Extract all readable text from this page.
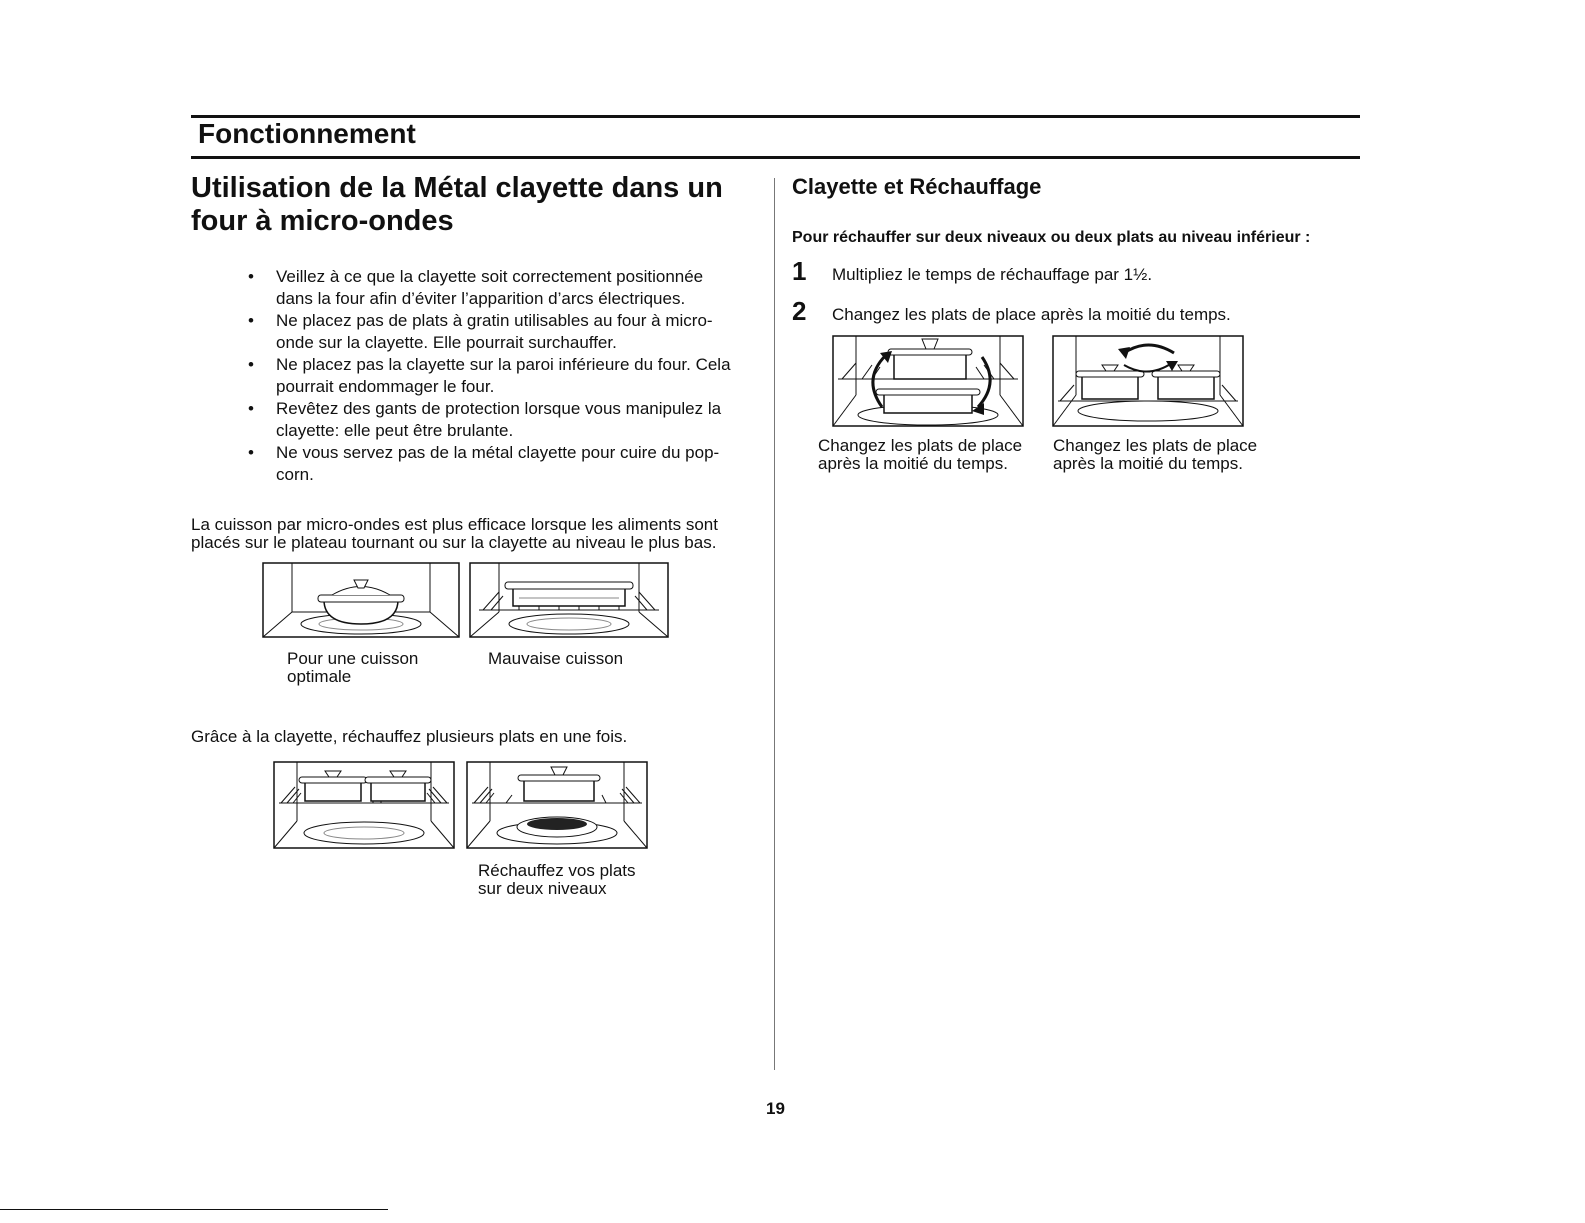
Fonctionnement
Utilisation de la Métal clayette dans un
four à micro-ondes
• Veillez à ce que la clayette soit correctement positionnée
dans la four afin d’éviter l’apparition d’arcs électriques.
• Ne placez pas de plats à gratin utilisables au four à micro-
onde sur la clayette. Elle pourrait surchauffer.
• Ne placez pas la clayette sur la paroi inférieure du four. Cela
pourrait endommager le four.
• Revêtez des gants de protection lorsque vous manipulez la
clayette: elle peut être brulante.
• Ne vous servez pas de la métal clayette pour cuire du pop-
corn.
La cuisson par micro-ondes est plus efficace lorsque les aliments sont
placés sur le plateau tournant ou sur la clayette au niveau le plus bas.
Pour une cuisson
optimale
Mauvaise cuisson
Grâce à la clayette, réchauffez plusieurs plats en une fois.
Réchauffez vos plats
sur deux niveaux
Clayette et Réchauffage
Pour réchauffer sur deux niveaux ou deux plats au niveau inférieur :
1 Multipliez le temps de réchauffage par 1½.
2 Changez les plats de place après la moitié du temps.
Changez les plats de place
après la moitié du temps.
Changez les plats de place
après la moitié du temps.
19
